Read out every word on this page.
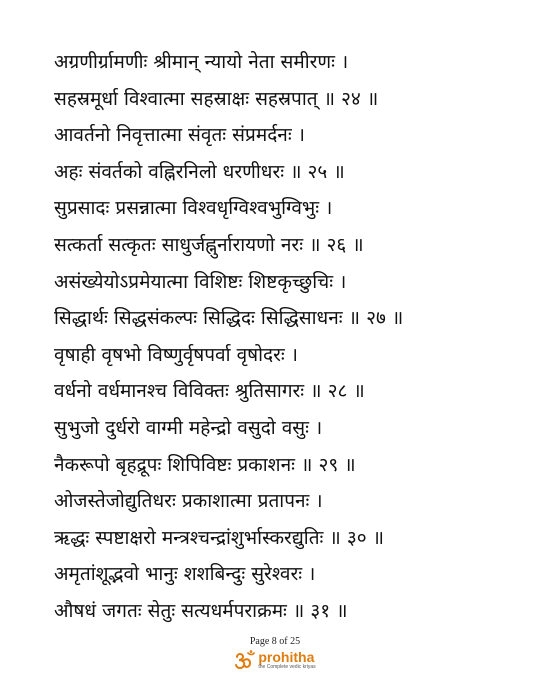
अग्रणीर्ग्रामणीः श्रीमान् न्यायो नेता समीरणः ।
सहस्रमूर्धा विश्वात्मा सहस्राक्षः सहस्रपात् ॥ २४ ॥
आवर्तनो निवृत्तात्मा संवृतः संप्रमर्दनः ।
अहः संवर्तको वह्निरनिलो धरणीधरः ॥ २५ ॥
सुप्रसादः प्रसन्नात्मा विश्वधृग्विश्वभुग्विभुः ।
सत्कर्ता सत्कृतः साधुर्जह्नुर्नारायणो नरः ॥ २६ ॥
असंख्येयोऽप्रमेयात्मा विशिष्टः शिष्टकृच्छुचिः ।
सिद्धार्थः सिद्धसंकल्पः सिद्धिदः सिद्धिसाधनः ॥ २७ ॥
वृषाही वृषभो विष्णुर्वृषपर्वा वृषोदरः ।
वर्धनो वर्धमानश्च विविक्तः श्रुतिसागरः ॥ २८ ॥
सुभुजो दुर्धरो वाग्मी महेन्द्रो वसुदो वसुः ।
नैकरूपो बृहद्रूपः शिपिविष्टः प्रकाशनः ॥ २९ ॥
ओजस्तेजोद्युतिधरः प्रकाशात्मा प्रतापनः ।
ऋद्धः स्पष्टाक्षरो मन्त्रश्चन्द्रांशुर्भास्करद्युतिः ॥ ३० ॥
अमृतांशूद्भवो भानुः शशबिन्दुः सुरेश्वरः ।
औषधं जगतः सेतुः सत्यधर्मपराक्रमः ॥ ३१ ॥
Page 8 of 25
prohitha
the Complete vedic kriyas
